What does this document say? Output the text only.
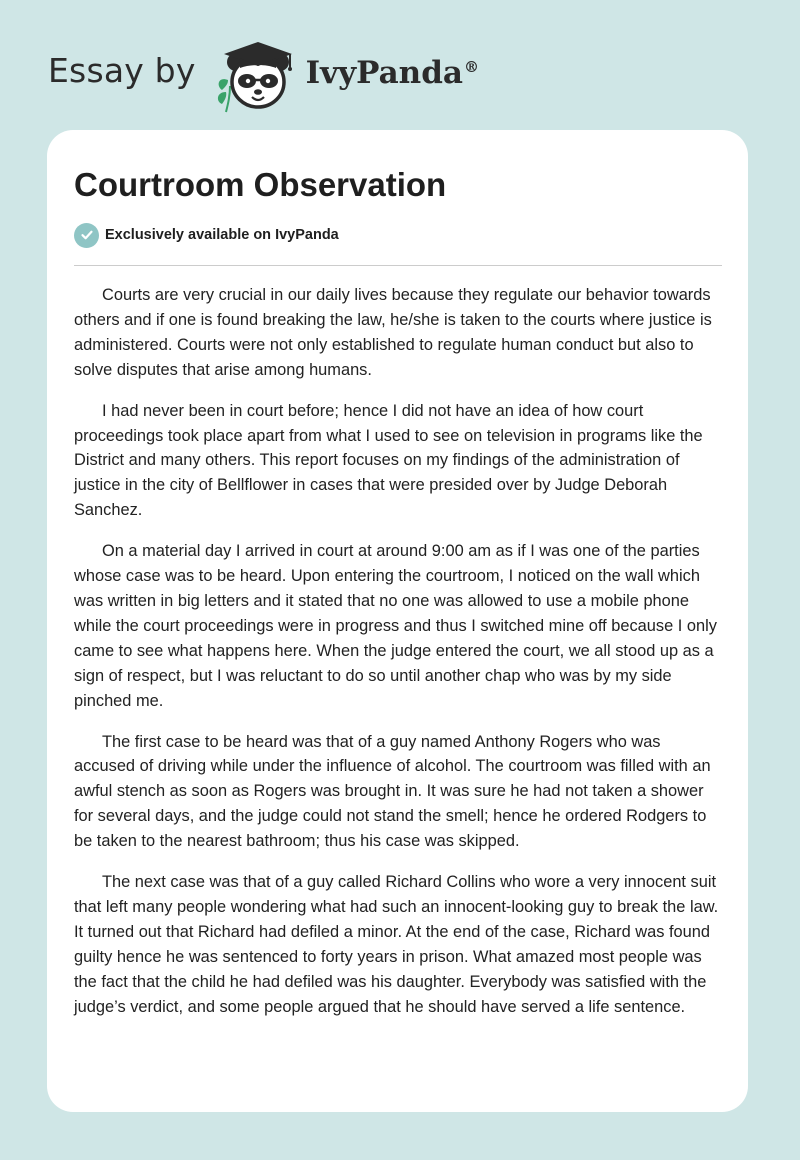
Essay by	IvyPanda®
Courtroom Observation
Exclusively available on IvyPanda

Courts are very crucial in our daily lives because they regulate our behavior towards others and if one is found breaking the law, he/she is taken to the courts where justice is administered. Courts were not only established to regulate human conduct but also to solve disputes that arise among humans.

I had never been in court before; hence I did not have an idea of how court proceedings took place apart from what I used to see on television in programs like the District and many others. This report focuses on my findings of the administration of justice in the city of Bellflower in cases that were presided over by Judge Deborah Sanchez.

On a material day I arrived in court at around 9:00 am as if I was one of the parties whose case was to be heard. Upon entering the courtroom, I noticed on the wall which was written in big letters and it stated that no one was allowed to use a mobile phone while the court proceedings were in progress and thus I switched mine off because I only came to see what happens here. When the judge entered the court, we all stood up as a sign of respect, but I was reluctant to do so until another chap who was by my side pinched me.

The first case to be heard was that of a guy named Anthony Rogers who was accused of driving while under the influence of alcohol. The courtroom was filled with an awful stench as soon as Rogers was brought in. It was sure he had not taken a shower for several days, and the judge could not stand the smell; hence he ordered Rodgers to be taken to the nearest bathroom; thus his case was skipped.

The next case was that of a guy called Richard Collins who wore a very innocent suit that left many people wondering what had such an innocent-looking guy to break the law. It turned out that Richard had defiled a minor. At the end of the case, Richard was found guilty hence he was sentenced to forty years in prison. What amazed most people was the fact that the child he had defiled was his daughter. Everybody was satisfied with the judge’s verdict, and some people argued that he should have served a life sentence.
